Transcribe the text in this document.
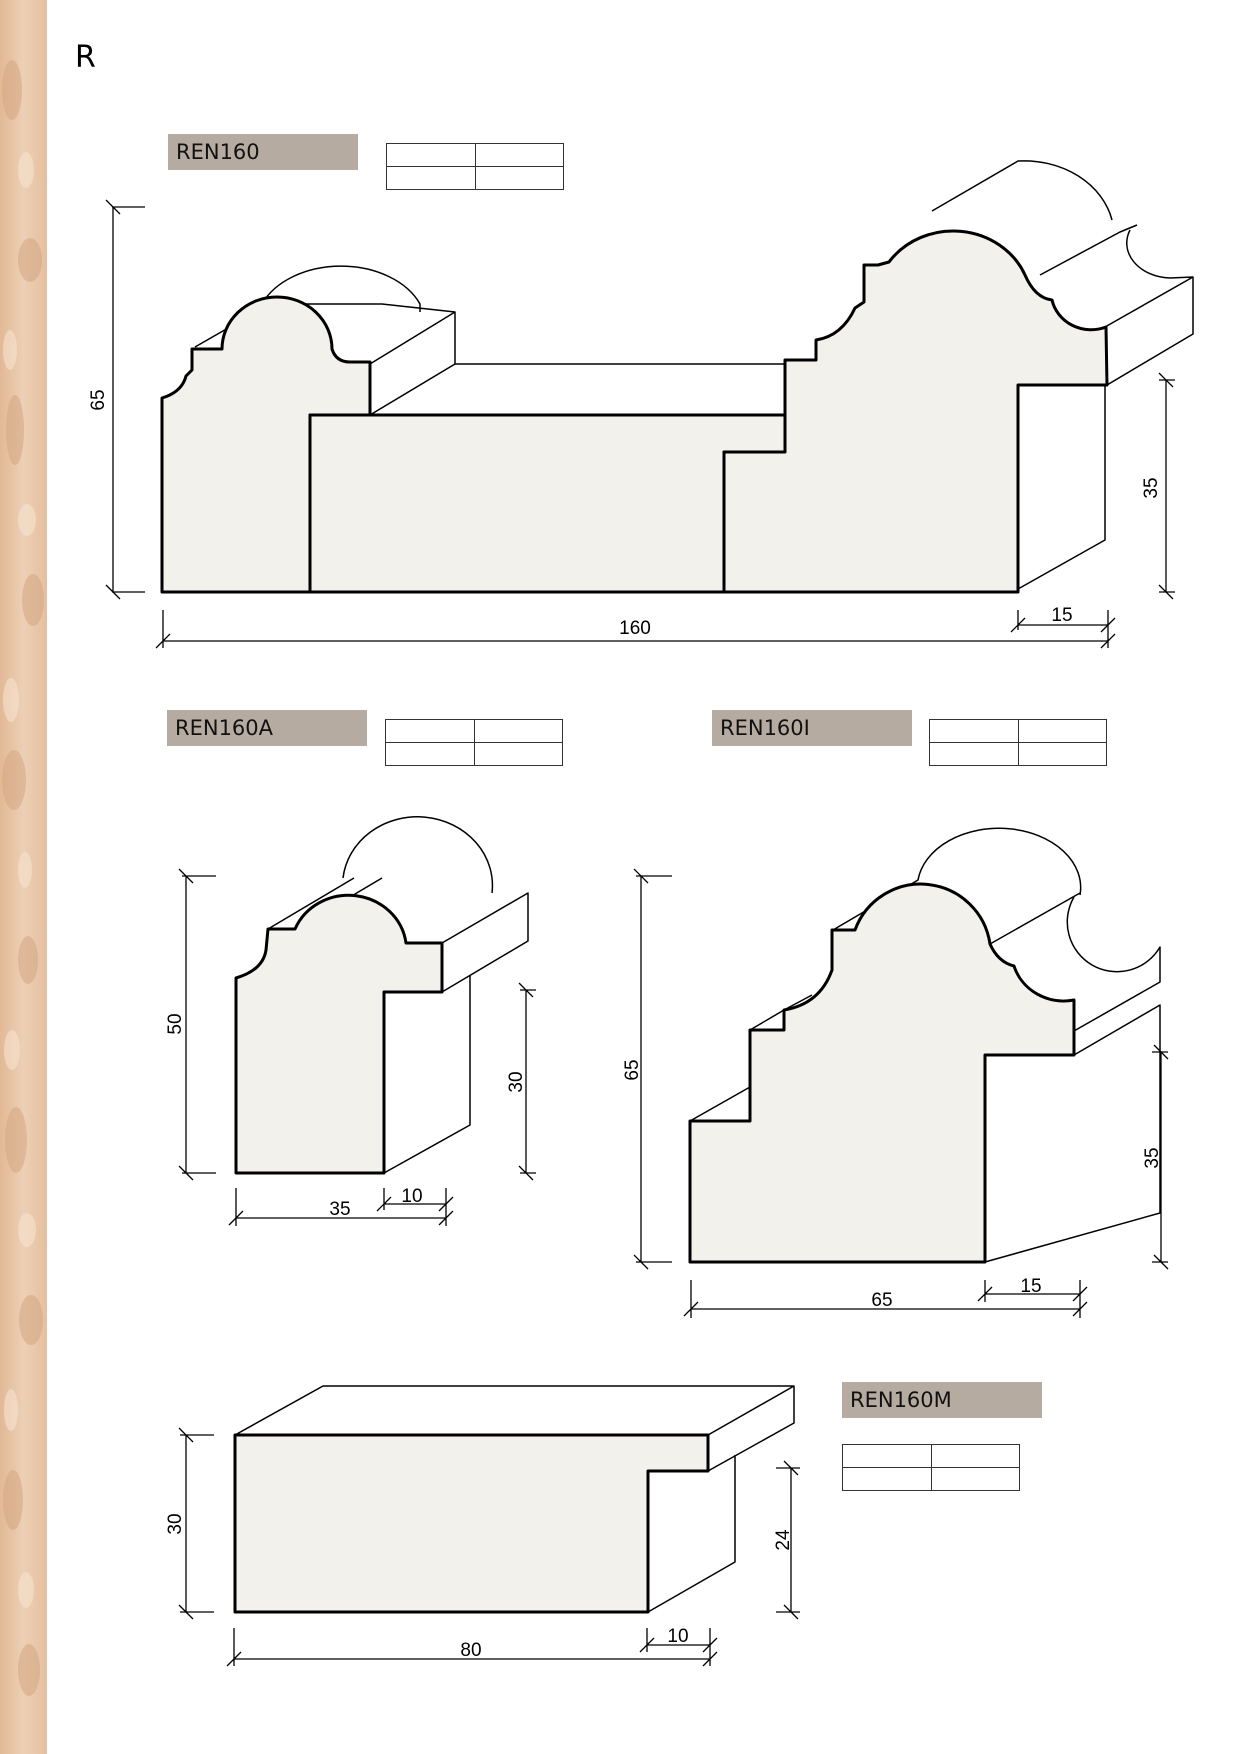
R
REN160
REN160A	REN160I
REN160M

65
35
160
15
50
30
35
10
65
35
65
15
30
24
80
10
